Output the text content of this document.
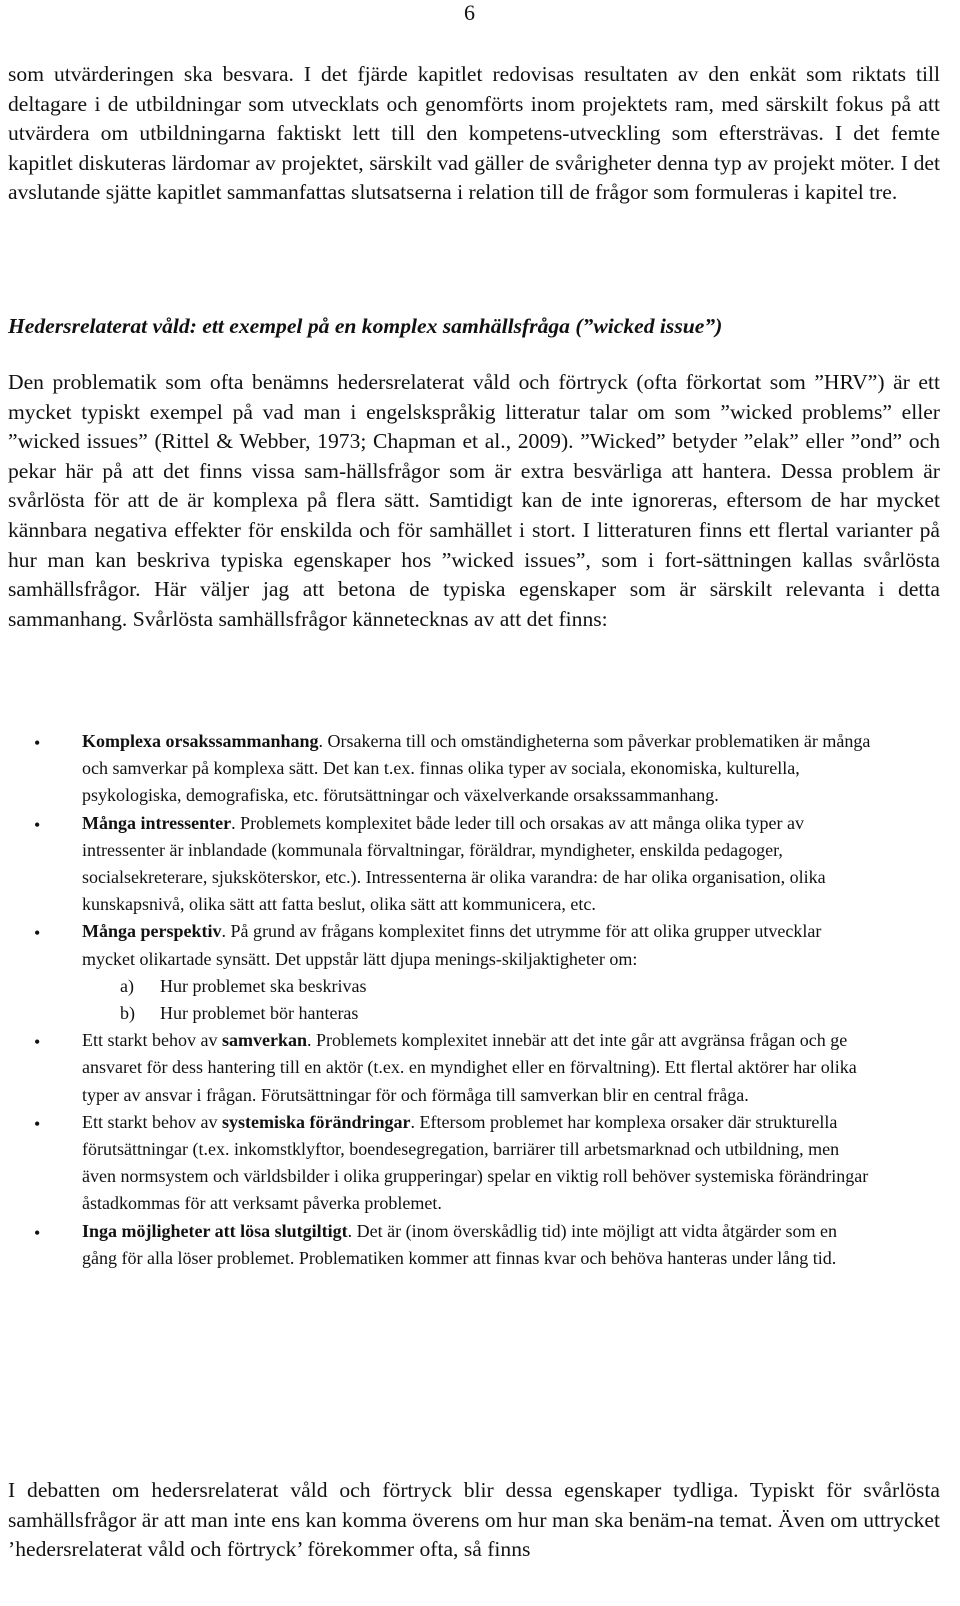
6

som utvärderingen ska besvara. I det fjärde kapitlet redovisas resultaten av den enkät som riktats till deltagare i de utbildningar som utvecklats och genomförts inom projektets ram, med särskilt fokus på att utvärdera om utbildningarna faktiskt lett till den kompetens-utveckling som eftersträvas. I det femte kapitlet diskuteras lärdomar av projektet, särskilt vad gäller de svårigheter denna typ av projekt möter. I det avslutande sjätte kapitlet sammanfattas slutsatserna i relation till de frågor som formuleras i kapitel tre.

Hedersrelaterat våld: ett exempel på en komplex samhällsfråga (”wicked issue”)

Den problematik som ofta benämns hedersrelaterat våld och förtryck (ofta förkortat som ”HRV”) är ett mycket typiskt exempel på vad man i engelskspråkig litteratur talar om som ”wicked problems” eller ”wicked issues” (Rittel & Webber, 1973; Chapman et al., 2009). ”Wicked” betyder ”elak” eller ”ond” och pekar här på att det finns vissa sam-hällsfrågor som är extra besvärliga att hantera. Dessa problem är svårlösta för att de är komplexa på flera sätt. Samtidigt kan de inte ignoreras, eftersom de har mycket kännbara negativa effekter för enskilda och för samhället i stort. I litteraturen finns ett flertal varianter på hur man kan beskriva typiska egenskaper hos ”wicked issues”, som i fort-sättningen kallas svårlösta samhällsfrågor. Här väljer jag att betona de typiska egenskaper som är särskilt relevanta i detta sammanhang. Svårlösta samhällsfrågor kännetecknas av att det finns:

• Komplexa orsakssammanhang. Orsakerna till och omständigheterna som påverkar problematiken är många och samverkar på komplexa sätt. Det kan t.ex. finnas olika typer av sociala, ekonomiska, kulturella, psykologiska, demografiska, etc. förutsättningar och växelverkande orsakssammanhang.
• Många intressenter. Problemets komplexitet både leder till och orsakas av att många olika typer av intressenter är inblandade (kommunala förvaltningar, föräldrar, myndigheter, enskilda pedagoger, socialsekreterare, sjuksköterskor, etc.). Intressenterna är olika varandra: de har olika organisation, olika kunskapsnivå, olika sätt att fatta beslut, olika sätt att kommunicera, etc.
• Många perspektiv. På grund av frågans komplexitet finns det utrymme för att olika grupper utvecklar mycket olikartade synsätt. Det uppstår lätt djupa menings-skiljaktigheter om:
a) Hur problemet ska beskrivas
b) Hur problemet bör hanteras
• Ett starkt behov av samverkan. Problemets komplexitet innebär att det inte går att avgränsa frågan och ge ansvaret för dess hantering till en aktör (t.ex. en myndighet eller en förvaltning). Ett flertal aktörer har olika typer av ansvar i frågan. Förutsättningar för och förmåga till samverkan blir en central fråga.
• Ett starkt behov av systemiska förändringar. Eftersom problemet har komplexa orsaker där strukturella förutsättningar (t.ex. inkomstklyftor, boendesegregation, barriärer till arbetsmarknad och utbildning, men även normsystem och världsbilder i olika grupperingar) spelar en viktig roll behöver systemiska förändringar åstadkommas för att verksamt påverka problemet.
• Inga möjligheter att lösa slutgiltigt. Det är (inom överskådlig tid) inte möjligt att vidta åtgärder som en gång för alla löser problemet. Problematiken kommer att finnas kvar och behöva hanteras under lång tid.

I debatten om hedersrelaterat våld och förtryck blir dessa egenskaper tydliga. Typiskt för svårlösta samhällsfrågor är att man inte ens kan komma överens om hur man ska benäm-na temat. Även om uttrycket ’hedersrelaterat våld och förtryck’ förekommer ofta, så finns
